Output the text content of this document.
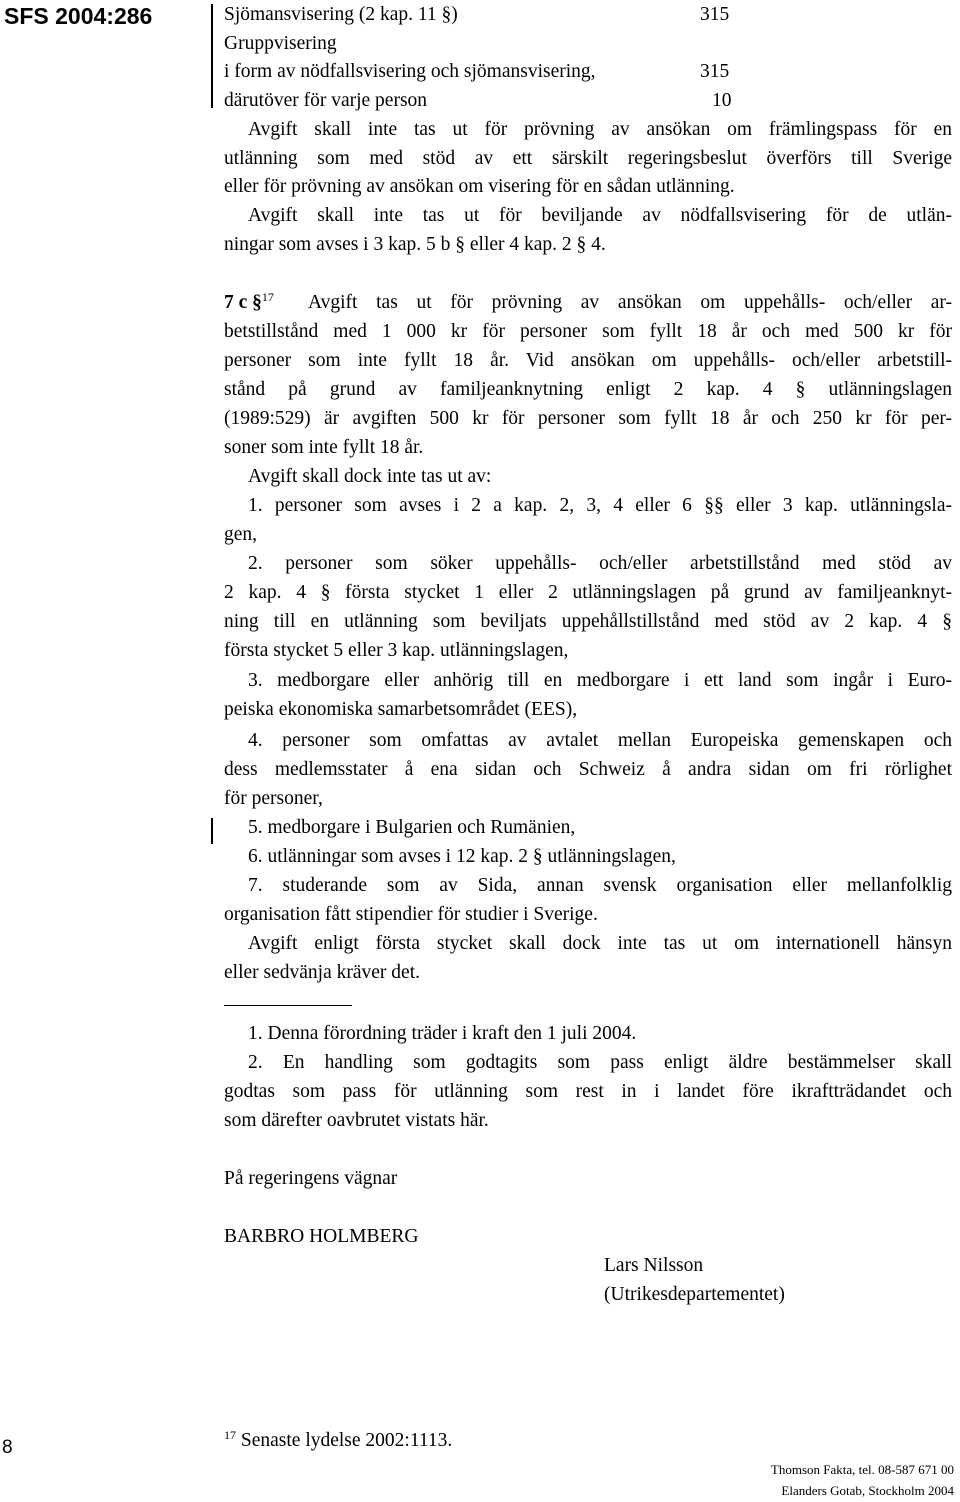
SFS 2004:286	Sjömansvisering (2 kap. 11 §)	315
Gruppvisering
i form av nödfallsvisering och sjömansvisering,	315
därutöver för varje person	10
Avgift skall inte tas ut för prövning av ansökan om främlingspass för en
utlänning som med stöd av ett särskilt regeringsbeslut överförs till Sverige
eller för prövning av ansökan om visering för en sådan utlänning.
Avgift skall inte tas ut för beviljande av nödfallsvisering för de utlän-
ningar som avses i 3 kap. 5 b § eller 4 kap. 2 § 4.
7 c §$^{17}$	Avgift tas ut för prövning av ansökan om uppehålls- och/eller ar-
betstillstånd med 1 000 kr för personer som fyllt 18 år och med 500 kr för
personer som inte fyllt 18 år. Vid ansökan om uppehålls- och/eller arbetstill-
stånd på grund av familjeanknytning enligt 2 kap. 4 § utlänningslagen
(1989:529) är avgiften 500 kr för personer som fyllt 18 år och 250 kr för per-
soner som inte fyllt 18 år.
Avgift skall dock inte tas ut av:
1. personer som avses i 2 a kap. 2, 3, 4 eller 6 §§ eller 3 kap. utlänningsla-
gen,
2. personer som söker uppehålls- och/eller arbetstillstånd med stöd av
2 kap. 4 § första stycket 1 eller 2 utlänningslagen på grund av familjeanknyt-
ning till en utlänning som beviljats uppehållstillstånd med stöd av 2 kap. 4 §
första stycket 5 eller 3 kap. utlänningslagen,
3. medborgare eller anhörig till en medborgare i ett land som ingår i Euro-
peiska ekonomiska samarbetsområdet (EES),
4. personer som omfattas av avtalet mellan Europeiska gemenskapen och
dess medlemsstater å ena sidan och Schweiz å andra sidan om fri rörlighet
för personer,
5. medborgare i Bulgarien och Rumänien,
6. utlänningar som avses i 12 kap. 2 § utlänningslagen,
7. studerande som av Sida, annan svensk organisation eller mellanfolklig
organisation fått stipendier för studier i Sverige.
Avgift enligt första stycket skall dock inte tas ut om internationell hänsyn
eller sedvänja kräver det.
1. Denna förordning träder i kraft den 1 juli 2004.
2. En handling som godtagits som pass enligt äldre bestämmelser skall
godtas som pass för utlänning som rest in i landet före ikraftträdandet och
som därefter oavbrutet vistats här.
På regeringens vägnar
BARBRO HOLMBERG
Lars Nilsson
(Utrikesdepartementet)
8
$^{17}$ Senaste lydelse 2002:1113.
Thomson Fakta, tel. 08-587 671 00
Elanders Gotab, Stockholm 2004
